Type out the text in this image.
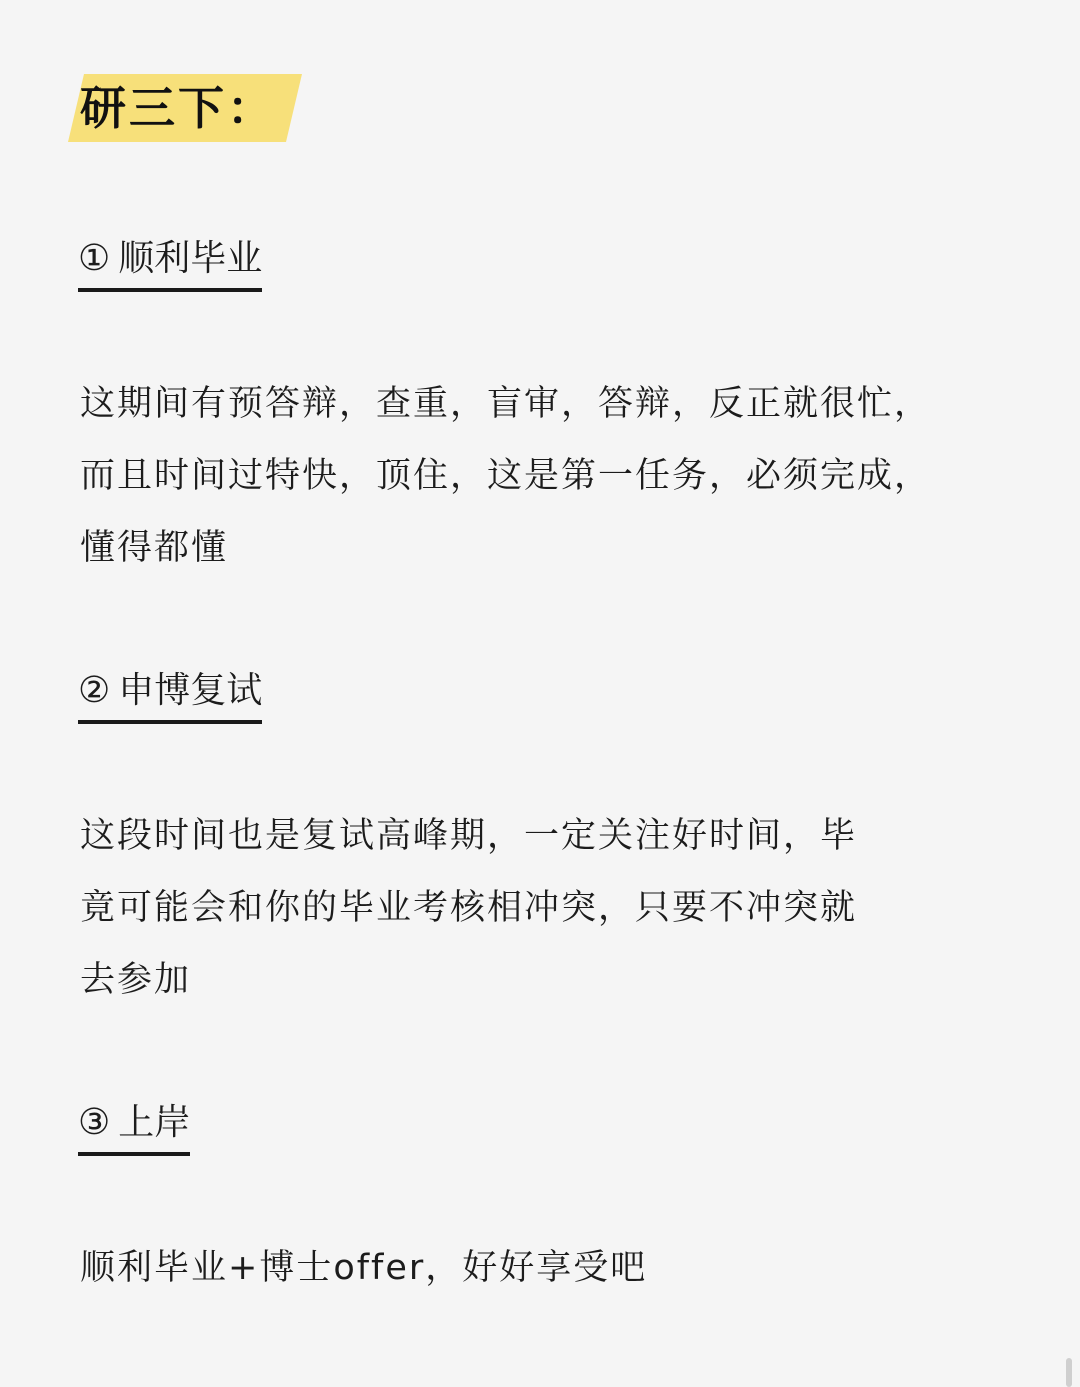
研三下：
① 顺利毕业
这期间有预答辩，查重，盲审，答辩，反正就很忙，
而且时间过特快，顶住，这是第一任务，必须完成，
懂得都懂
② 申博复试
这段时间也是复试高峰期，一定关注好时间，毕
竟可能会和你的毕业考核相冲突，只要不冲突就
去参加
③ 上岸
顺利毕业+博士offer，好好享受吧
